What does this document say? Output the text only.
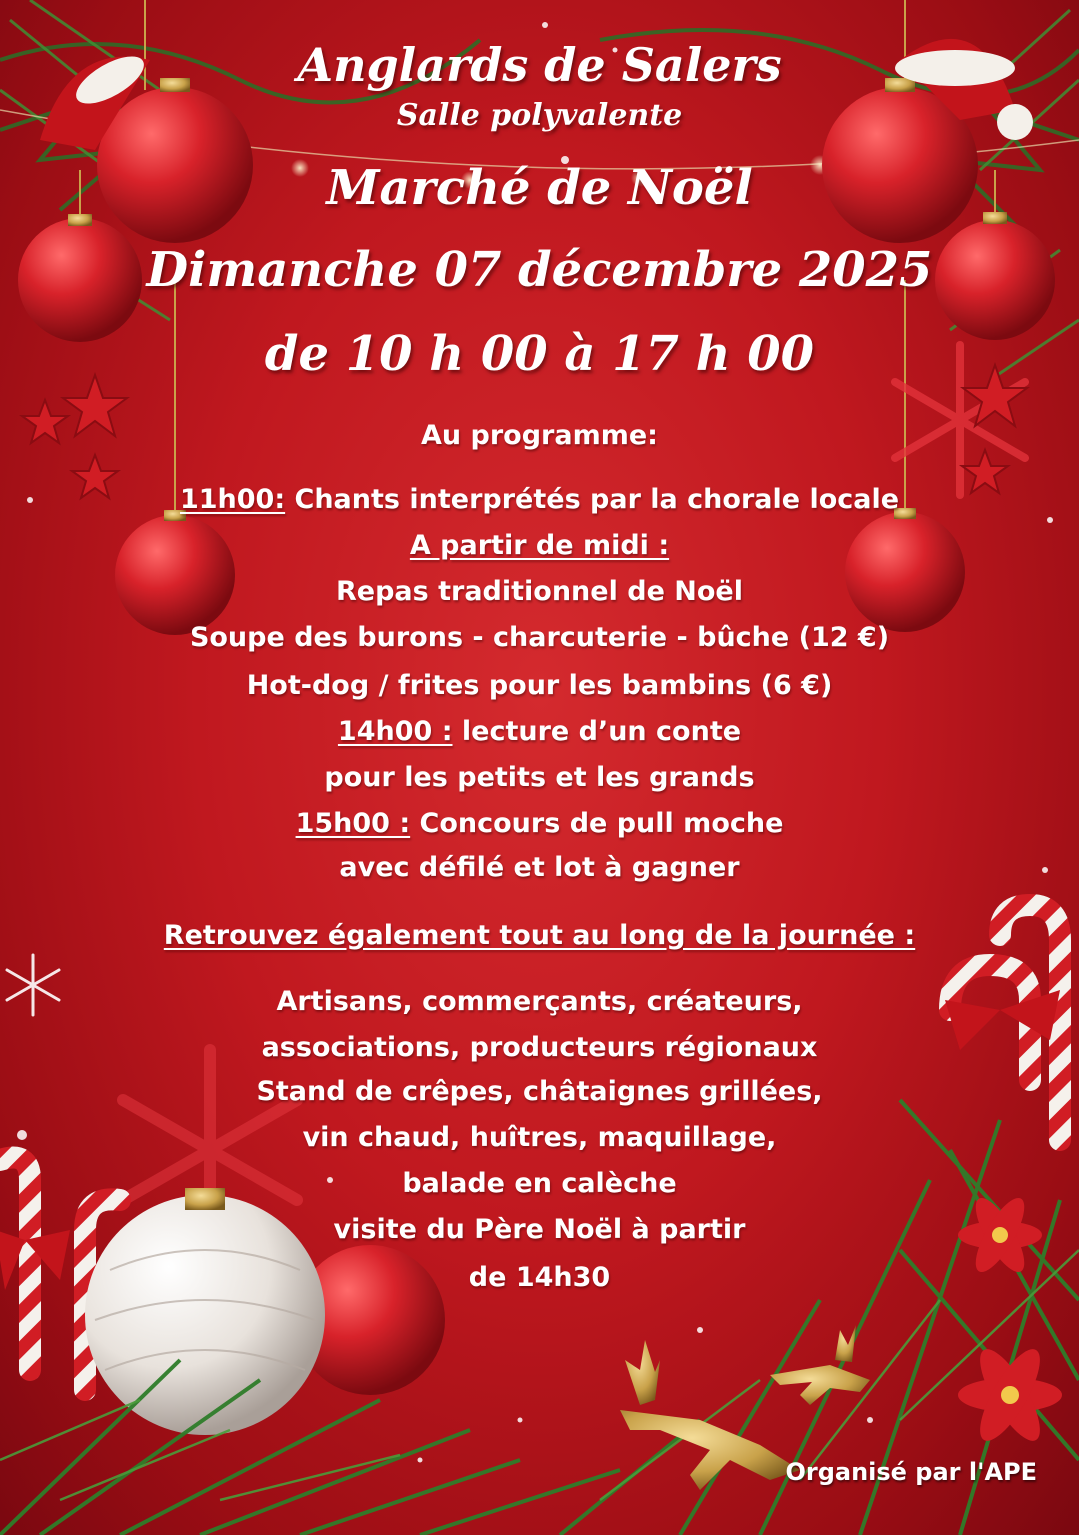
Anglards de Salers
Salle polyvalente
Marché de Noël
Dimanche 07 décembre 2025
de 10 h 00 à 17 h 00
Au programme:
11h00: Chants interprétés par la chorale locale
A partir de midi :
Repas traditionnel de Noël
Soupe des burons - charcuterie - bûche (12 €)
Hot-dog / frites pour les bambins (6 €)
14h00 : lecture d’un conte
pour les petits et les grands
15h00 : Concours de pull moche
avec défilé et lot à gagner
Retrouvez également tout au long de la journée :
Artisans, commerçants, créateurs,
associations, producteurs régionaux
Stand de crêpes, châtaignes grillées,
vin chaud, huîtres, maquillage,
balade en calèche
visite du Père Noël à partir
de 14h30
Organisé par l'APE
